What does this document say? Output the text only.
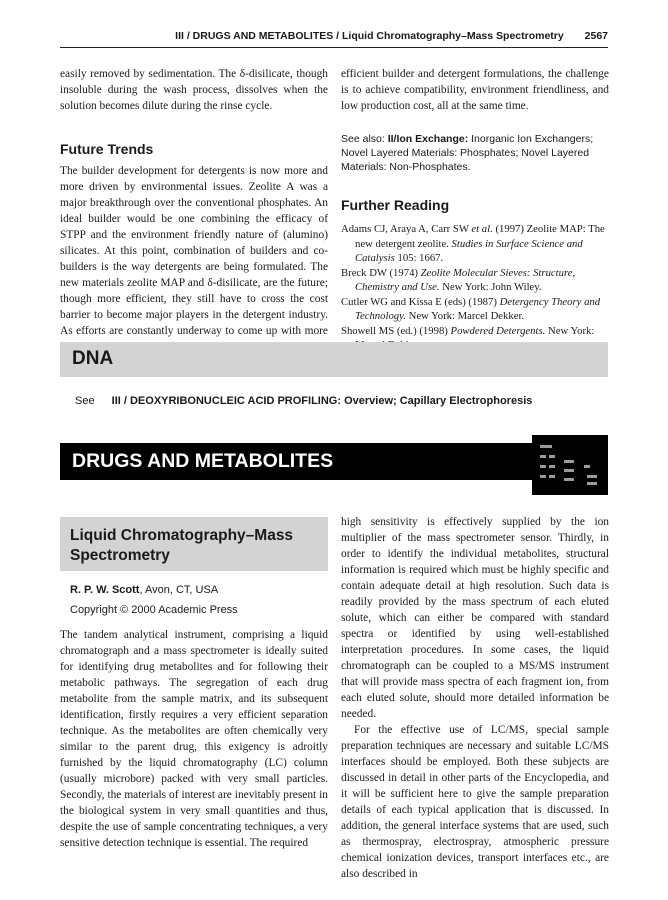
III / DRUGS AND METABOLITES / Liquid Chromatography–Mass Spectrometry 2567

easily removed by sedimentation. The δ-disilicate, though insoluble during the wash process, dissolves when the solution becomes dilute during the rinse cycle.

Future Trends

The builder development for detergents is now more and more driven by environmental issues. Zeolite A was a major breakthrough over the conventional phosphates. An ideal builder would be one combining the efficacy of STPP and the environment friendly nature of (alumino) silicates. At this point, combination of builders and co-builders is the way detergents are being formulated. The new materials zeolite MAP and δ-disilicate, are the future; though more efficient, they still have to cross the cost barrier to become major players in the detergent industry. As efforts are constantly underway to come up with more

efficient builder and detergent formulations, the challenge is to achieve compatibility, environment friendliness, and low production cost, all at the same time.

See also: II/Ion Exchange: Inorganic Ion Exchangers; Novel Layered Materials: Phosphates; Novel Layered Materials: Non-Phosphates.

Further Reading

Adams CJ, Araya A, Carr SW et al. (1997) Zeolite MAP: The new detergent zeolite. Studies in Surface Science and Catalysis 105: 1667.

Breck DW (1974) Zeolite Molecular Sieves: Structure, Chemistry and Use. New York: John Wiley.

Cutler WG and Kissa E (eds) (1987) Detergency Theory and Technology. New York: Marcel Dekker.

Showell MS (ed.) (1998) Powdered Detergents. New York:

DNA
See III / DEOXYRIBONUCLEIC ACID PROFILING: Overview; Capillary Electrophoresis
DRUGS AND METABOLITES
Liquid Chromatography–Mass Spectrometry
R. P. W. Scott, Avon, CT, USA
Copyright © 2000 Academic Press

The tandem analytical instrument, comprising a liquid chromatograph and a mass spectrometer is ideally suited for identifying drug metabolites and for following their metabolic pathways. The segregation of each drug metabolite from the sample matrix, and its subsequent identification, firstly requires a very efficient separation technique. As the metabolites are often chemically very similar to the parent drug, this exigency is adroitly furnished by the liquid chromatography (LC) column (usually microbore) packed with very small particles. Secondly, the materials of interest are inevitably present in the biological system in very small quantities and thus, despite the use of sample concentrating techniques, a very sensitive detection technique is essential. The required

high sensitivity is effectively supplied by the ion multiplier of the mass spectrometer sensor. Thirdly, in order to identify the individual metabolites, structural information is required which must be highly specific and contain adequate detail at high resolution. Such data is readily provided by the mass spectrum of each eluted solute, which can either be compared with standard spectra or identified by using well-established interpretation procedures. In some cases, the liquid chromatograph can be coupled to a MS/MS instrument that will provide mass spectra of each fragment ion, from each eluted solute, should more detailed information be needed.

For the effective use of LC/MS, special sample preparation techniques are necessary and suitable LC/MS interfaces should be employed. Both these subjects are discussed in detail in other parts of the Encyclopedia, and it will be sufficient here to give the sample preparation details of each typical application that is discussed. In addition, the general interface systems that are used, such as thermospray, electrospray, atmospheric pressure chemical ionization devices, transport interfaces etc., are also described in
